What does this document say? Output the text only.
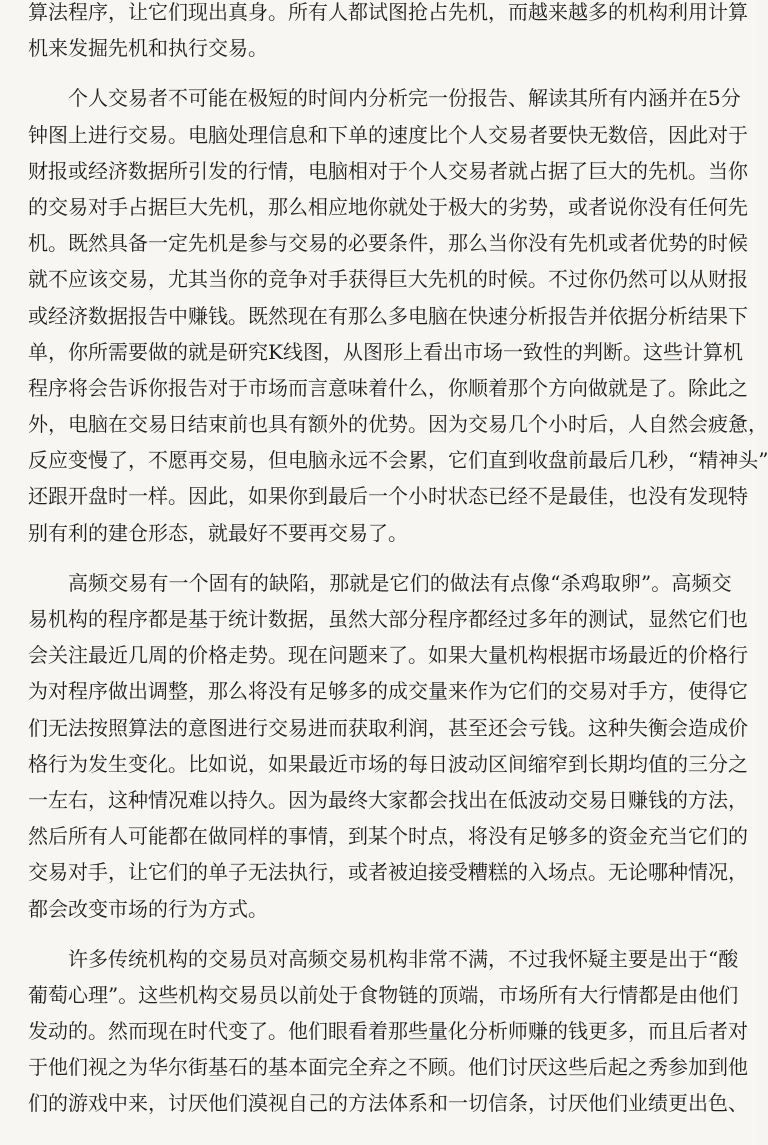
算 法 程 序 ， 让 它 们 现 出 真 身 。 所 有 人 都 试 图 抢 占 先 机 ， 而 越 来 越 多 的 机 构 利 用 计 算
机来发掘先机和执行交易。
个 人 交 易 者 不 可 能 在 极 短 的 时 间 内 分 析 完 一 份 报 告 、 解 读 其 所 有 内 涵 并 在 5 分
钟 图 上 进 行 交 易 。 电 脑 处 理 信 息 和 下 单 的 速 度 比 个 人 交 易 者 要 快 无 数 倍 ， 因 此 对 于
财 报 或 经 济 数 据 所 引 发 的 行 情 ， 电 脑 相 对 于 个 人 交 易 者 就 占 据 了 巨 大 的 先 机 。 当 你
的 交 易 对 手 占 据 巨 大 先 机 ， 那 么 相 应 地 你 就 处 于 极 大 的 劣 势 ， 或 者 说 你 没 有 任 何 先
机 。 既 然 具 备 一 定 先 机 是 参 与 交 易 的 必 要 条 件 ， 那 么 当 你 没 有 先 机 或 者 优 势 的 时 候
就 不 应 该 交 易 ， 尤 其 当 你 的 竞 争 对 手 获 得 巨 大 先 机 的 时 候 。 不 过 你 仍 然 可 以 从 财 报
或 经 济 数 据 报 告 中 赚 钱 。 既 然 现 在 有 那 么 多 电 脑 在 快 速 分 析 报 告 并 依 据 分 析 结 果 下
单 ， 你 所 需 要 做 的 就 是 研 究 K 线 图 ， 从 图 形 上 看 出 市 场 一 致 性 的 判 断 。 这 些 计 算 机
程 序 将 会 告 诉 你 报 告 对 于 市 场 而 言 意 味 着 什 么 ， 你 顺 着 那 个 方 向 做 就 是 了 。 除 此 之
外 ， 电 脑 在 交 易 日 结 束 前 也 具 有 额 外 的 优 势 。 因 为 交 易 几 个 小 时 后 ， 人 自 然 会 疲 惫 ，
反 应 变 慢 了 ， 不 愿 再 交 易 ， 但 电 脑 永 远 不 会 累 ， 它 们 直 到 收 盘 前 最 后 几 秒 ， “ 精 神 头 ”
还 跟 开 盘 时 一 样 。 因 此 ， 如 果 你 到 最 后 一 个 小 时 状 态 已 经 不 是 最 佳 ， 也 没 有 发 现 特
别有利的建仓形态，就最好不要再交易了。
高 频 交 易 有 一 个 固 有 的 缺 陷 ， 那 就 是 它 们 的 做 法 有 点 像 “ 杀 鸡 取 卵 ” 。 高 频 交
易 机 构 的 程 序 都 是 基 于 统 计 数 据 ， 虽 然 大 部 分 程 序 都 经 过 多 年 的 测 试 ， 显 然 它 们 也
会 关 注 最 近 几 周 的 价 格 走 势 。 现 在 问 题 来 了 。 如 果 大 量 机 构 根 据 市 场 最 近 的 价 格 行
为 对 程 序 做 出 调 整 ， 那 么 将 没 有 足 够 多 的 成 交 量 来 作 为 它 们 的 交 易 对 手 方 ， 使 得 它
们 无 法 按 照 算 法 的 意 图 进 行 交 易 进 而 获 取 利 润 ， 甚 至 还 会 亏 钱 。 这 种 失 衡 会 造 成 价
格 行 为 发 生 变 化 。 比 如 说 ， 如 果 最 近 市 场 的 每 日 波 动 区 间 缩 窄 到 长 期 均 值 的 三 分 之
一 左 右 ， 这 种 情 况 难 以 持 久 。 因 为 最 终 大 家 都 会 找 出 在 低 波 动 交 易 日 赚 钱 的 方 法 ，
然 后 所 有 人 可 能 都 在 做 同 样 的 事 情 ， 到 某 个 时 点 ， 将 没 有 足 够 多 的 资 金 充 当 它 们 的
交 易 对 手 ， 让 它 们 的 单 子 无 法 执 行 ， 或 者 被 迫 接 受 糟 糕 的 入 场 点 。 无 论 哪 种 情 况 ，
都会改变市场的行为方式。
许 多 传 统 机 构 的 交 易 员 对 高 频 交 易 机 构 非 常 不 满 ， 不 过 我 怀 疑 主 要 是 出 于 “ 酸
葡 萄 心 理 ” 。 这 些 机 构 交 易 员 以 前 处 于 食 物 链 的 顶 端 ， 市 场 所 有 大 行 情 都 是 由 他 们
发 动 的 。 然 而 现 在 时 代 变 了 。 他 们 眼 看 着 那 些 量 化 分 析 师 赚 的 钱 更 多 ， 而 且 后 者 对
于 他 们 视 之 为 华 尔 街 基 石 的 基 本 面 完 全 弃 之 不 顾 。 他 们 讨 厌 这 些 后 起 之 秀 参 加 到 他
们的游戏中来，讨厌他们漠视自己的方法体系和一切信条，讨厌他们业绩更出色、
